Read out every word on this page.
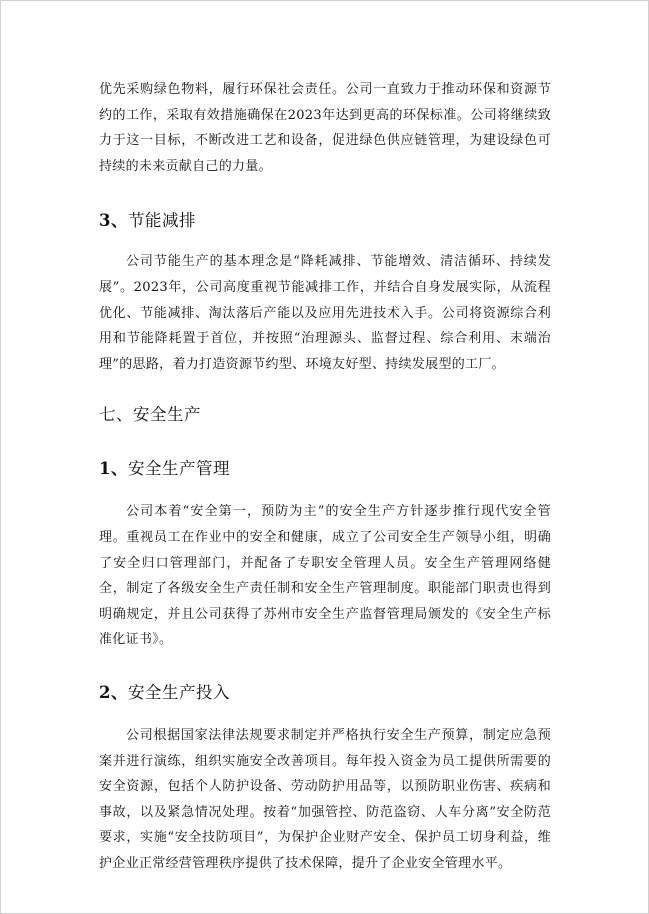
优先采购绿色物料，履行环保社会责任。公司一直致力于推动环保和资源节约的工作，采取有效措施确保在2023年达到更高的环保标准。公司将继续致力于这一目标，不断改进工艺和设备，促进绿色供应链管理，为建设绿色可持续的未来贡献自己的力量。

3、节能减排

公司节能生产的基本理念是“降耗减排、节能增效、清洁循环、持续发展”。2023年，公司高度重视节能减排工作，并结合自身发展实际，从流程优化、节能减排、淘汰落后产能以及应用先进技术入手。公司将资源综合利用和节能降耗置于首位，并按照“治理源头、监督过程、综合利用、末端治理”的思路，着力打造资源节约型、环境友好型、持续发展型的工厂。

七、安全生产
1、安全生产管理

公司本着“安全第一，预防为主”的安全生产方针逐步推行现代安全管理。重视员工在作业中的安全和健康，成立了公司安全生产领导小组，明确了安全归口管理部门，并配备了专职安全管理人员。安全生产管理网络健全，制定了各级安全生产责任制和安全生产管理制度。职能部门职责也得到明确规定，并且公司获得了苏州市安全生产监督管理局颁发的《安全生产标准化证书》。

2、安全生产投入

公司根据国家法律法规要求制定并严格执行安全生产预算，制定应急预案并进行演练，组织实施安全改善项目。每年投入资金为员工提供所需要的安全资源，包括个人防护设备、劳动防护用品等，以预防职业伤害、疾病和事故，以及紧急情况处理。按着“加强管控、防范盗窃、人车分离”安全防范要求，实施“安全技防项目”，为保护企业财产安全、保护员工切身利益，维护企业正常经营管理秩序提供了技术保障，提升了企业安全管理水平。
